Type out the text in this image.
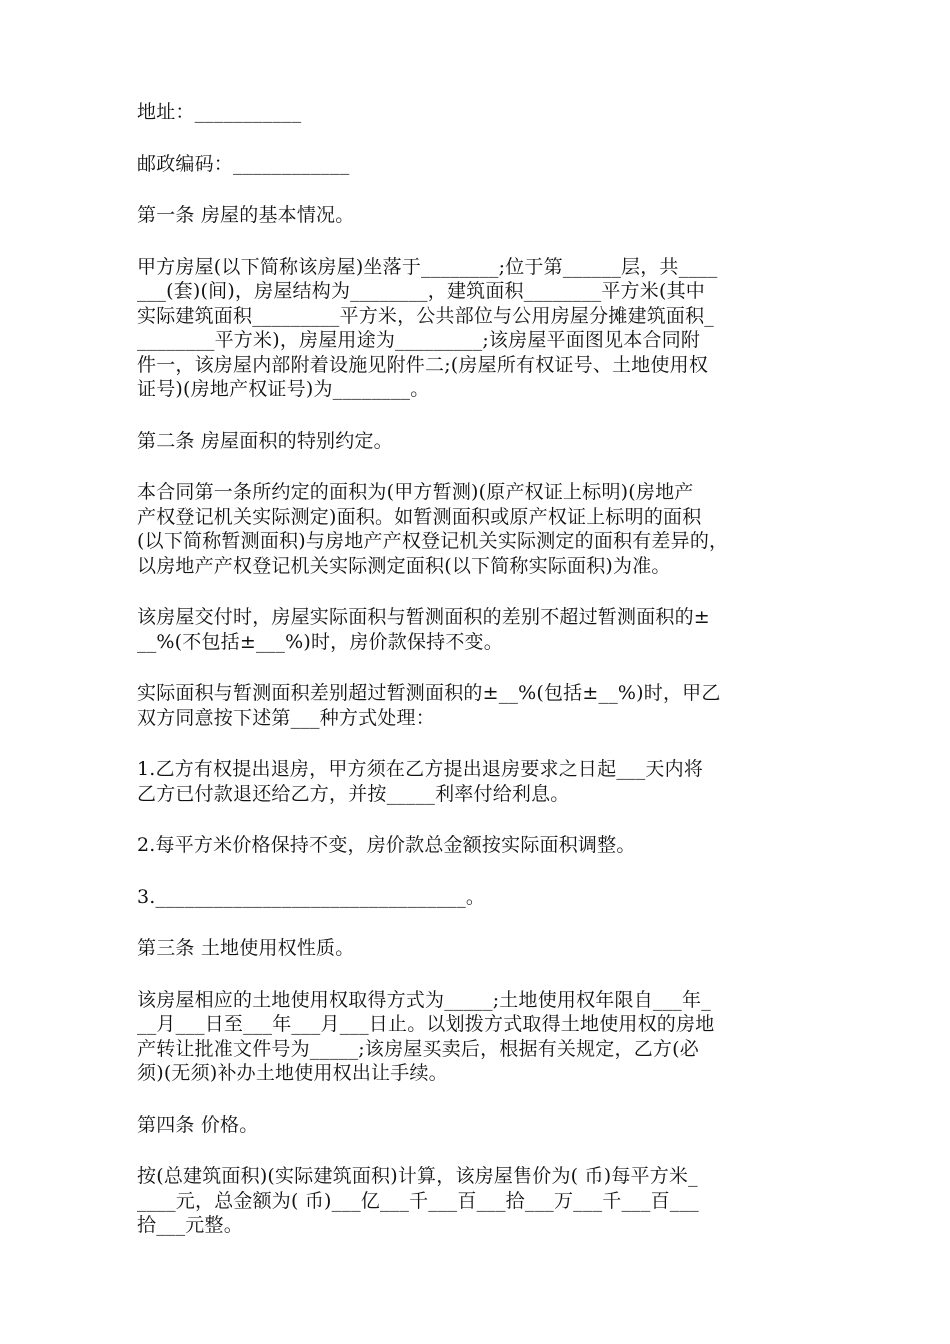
地址：___________

邮政编码：____________

第一条 房屋的基本情况。

甲方房屋(以下简称该房屋)坐落于________;位于第______层，共____
___(套)(间)，房屋结构为________，建筑面积________平方米(其中
实际建筑面积_________平方米，公共部位与公用房屋分摊建筑面积_
________平方米)，房屋用途为_________;该房屋平面图见本合同附
件一，该房屋内部附着设施见附件二;(房屋所有权证号、土地使用权
证号)(房地产权证号)为________。

第二条 房屋面积的特别约定。

本合同第一条所约定的面积为(甲方暂测)(原产权证上标明)(房地产
产权登记机关实际测定)面积。如暂测面积或原产权证上标明的面积
(以下简称暂测面积)与房地产产权登记机关实际测定的面积有差异的，
以房地产产权登记机关实际测定面积(以下简称实际面积)为准。

该房屋交付时，房屋实际面积与暂测面积的差别不超过暂测面积的±
__%(不包括±___%)时，房价款保持不变。

实际面积与暂测面积差别超过暂测面积的±__%(包括±__%)时，甲乙
双方同意按下述第___种方式处理：

1.乙方有权提出退房，甲方须在乙方提出退房要求之日起___天内将
乙方已付款退还给乙方，并按_____利率付给利息。

2.每平方米价格保持不变，房价款总金额按实际面积调整。

3.________________________________。

第三条 土地使用权性质。

该房屋相应的土地使用权取得方式为_____;土地使用权年限自___年_
__月___日至___年___月___日止。以划拨方式取得土地使用权的房地
产转让批准文件号为_____;该房屋买卖后，根据有关规定，乙方(必
须)(无须)补办土地使用权出让手续。

第四条 价格。

按(总建筑面积)(实际建筑面积)计算，该房屋售价为( 币)每平方米_
____元，总金额为( 币)___亿___千___百___拾___万___千___百___
拾___元整。
